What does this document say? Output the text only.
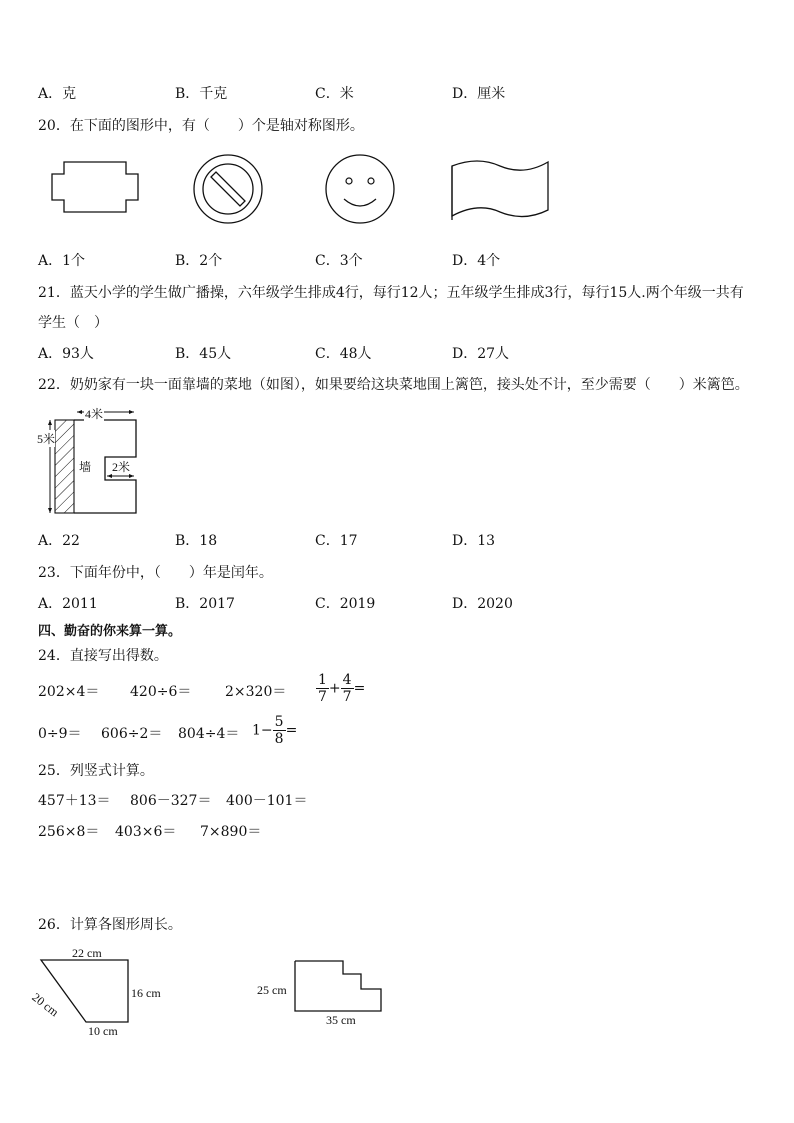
A．克	B．千克	C．米	D．厘米
20．在下面的图形中，有（　　）个是轴对称图形。
A．1个	B．2个	C．3个	D．4个
21．蓝天小学的学生做广播操，六年级学生排成4行，每行12人；五年级学生排成3行，每行15人.两个年级一共有
学生（　）
A．93人	B．45人	C．48人	D．27人
22．奶奶家有一块一面靠墙的菜地（如图），如果要给这块菜地围上篱笆，接头处不计，至少需要（　　）米篱笆。
4米
5米
墙 2米
A．22	B．18	C．17	D．13
23．下面年份中，（　　）年是闰年。
A．2011	B．2017	C．2019	D．2020
四、勤奋的你来算一算。
24．直接写出得数。
$202\times 4= 420\div 6= 2\times 320= \frac{1}{7} + \frac{4}{7}$ =
$0\div 9= 606\div 2= 804\div 4= 1- \frac{5}{8}$ =
25．列竖式计算。
457＋13＝ 806－327＝ 400－101＝
256×8＝ 403×6＝ 7×890＝
26．计算各图形周长。
22 cm
16 cm
10 cm
20 cm	25 cm
35 cm
